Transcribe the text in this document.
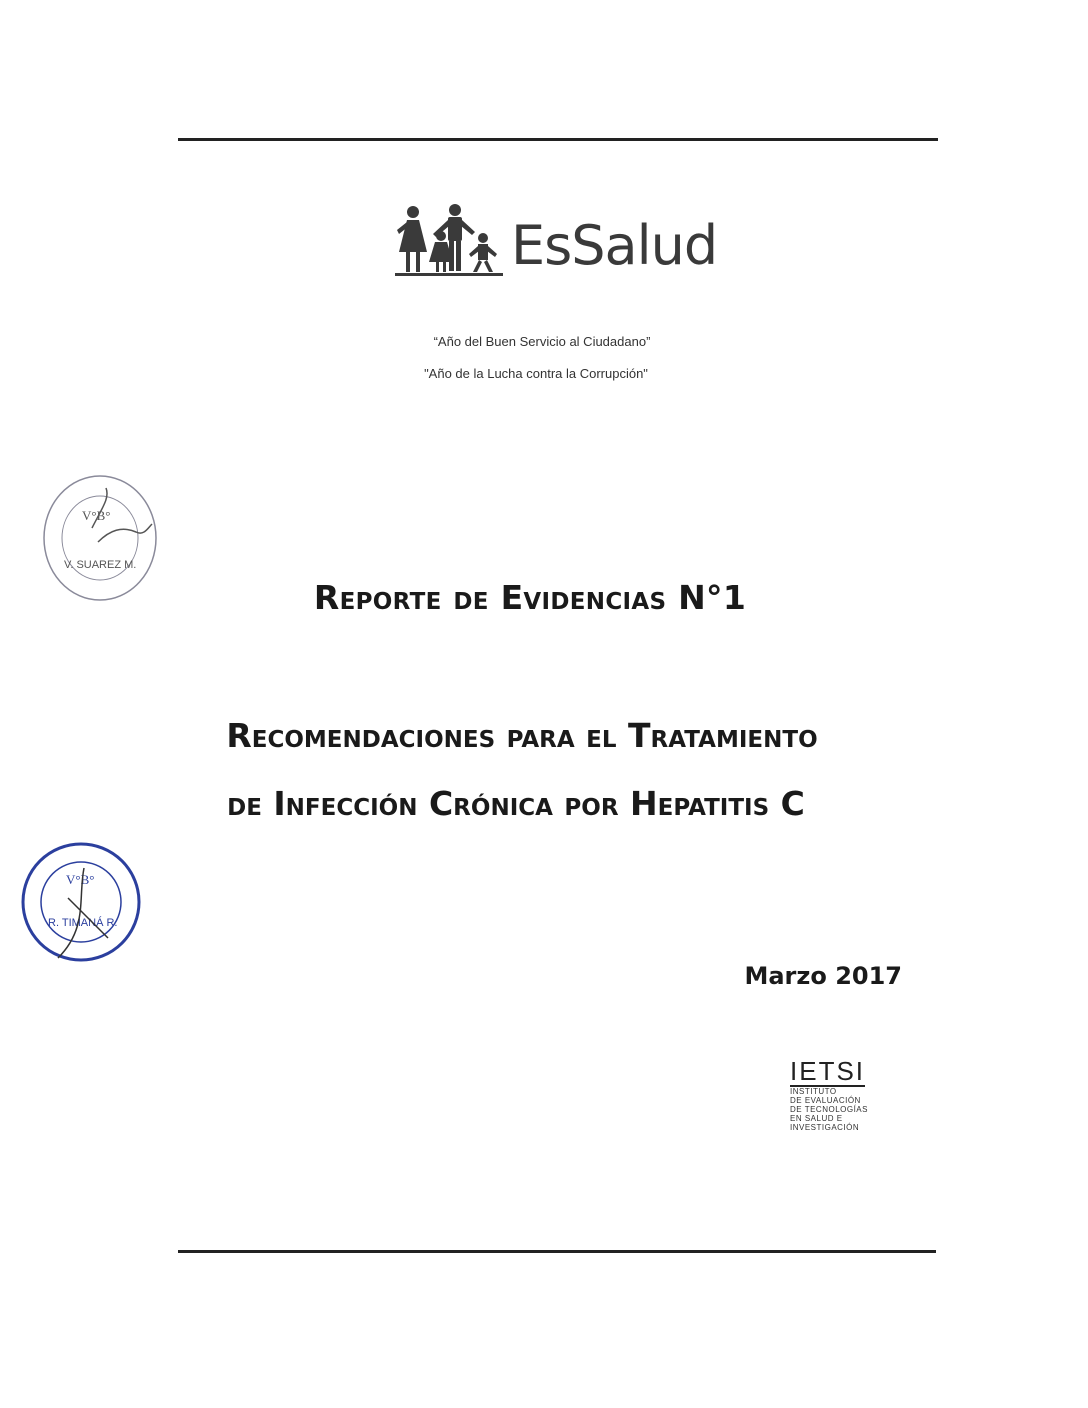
EsSalud
“Año del Buen Servicio al Ciudadano”
"Año de la Lucha contra la Corrupción"
V°B°
V. SUAREZ M.
V°B°
R. TIMANÁ R.
Reporte de Evidencias N°1
Recomendaciones para el Tratamiento
de Infección Crónica por Hepatitis C
Marzo 2017
IETSI
INSTITUTO
DE EVALUACIÓN
DE TECNOLOGÍAS
EN SALUD E
INVESTIGACIÓN
